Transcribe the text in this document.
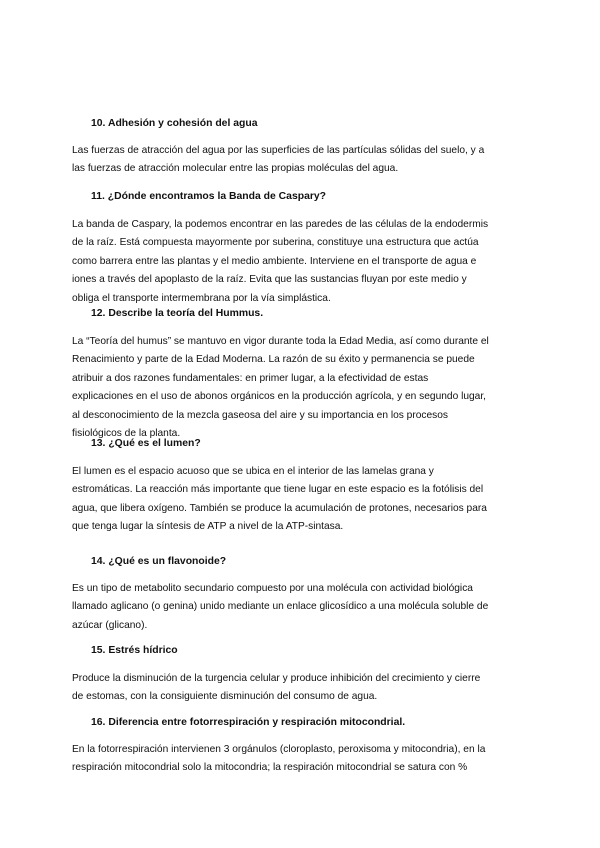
10. Adhesión y cohesión del agua
Las fuerzas de atracción del agua por las superficies de las partículas sólidas del suelo, y a
las fuerzas de atracción molecular entre las propias moléculas del agua.
11. ¿Dónde encontramos la Banda de Caspary?
La banda de Caspary, la podemos encontrar en las paredes de las células de la endodermis
de la raíz. Está compuesta mayormente por suberina, constituye una estructura que actúa
como barrera entre las plantas y el medio ambiente. Interviene en el transporte de agua e
iones a través del apoplasto de la raíz. Evita que las sustancias fluyan por este medio y
obliga el transporte intermembrana por la vía simplástica.
12. Describe la teoría del Hummus.
La “Teoría del humus” se mantuvo en vigor durante toda la Edad Media, así como durante el
Renacimiento y parte de la Edad Moderna. La razón de su éxito y permanencia se puede
atribuir a dos razones fundamentales: en primer lugar, a la efectividad de estas
explicaciones en el uso de abonos orgánicos en la producción agrícola, y en segundo lugar,
al desconocimiento de la mezcla gaseosa del aire y su importancia en los procesos
fisiológicos de la planta.
13. ¿Qué es el lumen?
El lumen es el espacio acuoso que se ubica en el interior de las lamelas grana y
estromáticas. La reacción más importante que tiene lugar en este espacio es la fotólisis del
agua, que libera oxígeno. También se produce la acumulación de protones, necesarios para
que tenga lugar la síntesis de ATP a nivel de la ATP-sintasa.
14. ¿Qué es un flavonoide?
Es un tipo de metabolito secundario compuesto por una molécula con actividad biológica
llamado aglicano (o genina) unido mediante un enlace glicosídico a una molécula soluble de
azúcar (glicano).
15. Estrés hídrico
Produce la disminución de la turgencia celular y produce inhibición del crecimiento y cierre
de estomas, con la consiguiente disminución del consumo de agua.
16. Diferencia entre fotorrespiración y respiración mitocondrial.
En la fotorrespiración intervienen 3 orgánulos (cloroplasto, peroxisoma y mitocondria), en la
respiración mitocondrial solo la mitocondria; la respiración mitocondrial se satura con %
